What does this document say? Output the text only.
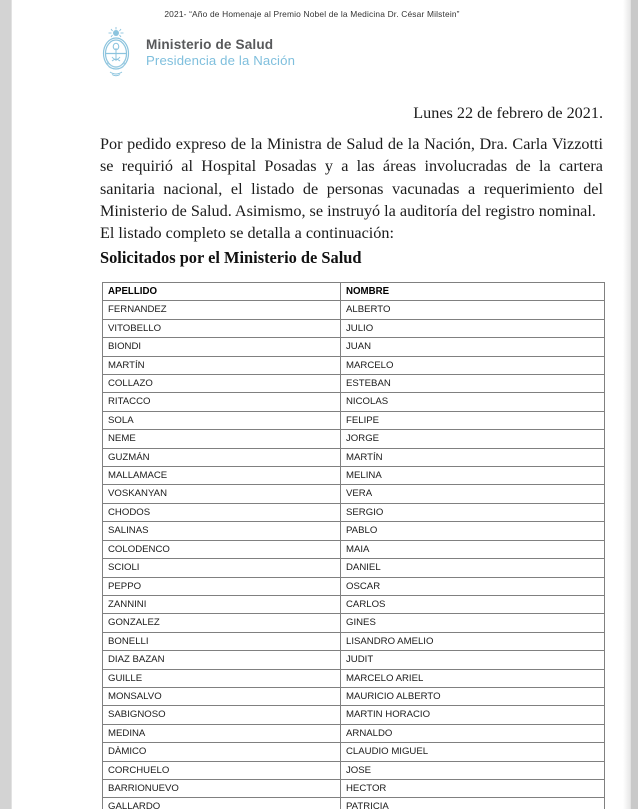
2021- “Año de Homenaje al Premio Nobel de la Medicina Dr. César Milstein”
Ministerio de Salud
Presidencia de la Nación
Lunes 22 de febrero de 2021.
Por pedido expreso de la Ministra de Salud de la Nación, Dra. Carla Vizzotti se requirió al Hospital Posadas y a las áreas involucradas de la cartera sanitaria nacional, el listado de personas vacunadas a requerimiento del Ministerio de Salud. Asimismo, se instruyó la auditoría del registro nominal.
El listado completo se detalla a continuación:
Solicitados por el Ministerio de Salud
APELLIDO	NOMBRE
FERNANDEZ	ALBERTO
VITOBELLO	JULIO
BIONDI	JUAN
MARTÍN	MARCELO
COLLAZO	ESTEBAN
RITACCO	NICOLAS
SOLA	FELIPE
NEME	JORGE
GUZMÁN	MARTÍN
MALLAMACE	MELINA
VOSKANYAN	VERA
CHODOS	SERGIO
SALINAS	PABLO
COLODENCO	MAIA
SCIOLI	DANIEL
PEPPO	OSCAR
ZANNINI	CARLOS
GONZALEZ	GINES
BONELLI	LISANDRO AMELIO
DIAZ BAZAN	JUDIT
GUILLE	MARCELO ARIEL
MONSALVO	MAURICIO ALBERTO
SABIGNOSO	MARTIN HORACIO
MEDINA	ARNALDO
DÀMICO	CLAUDIO MIGUEL
CORCHUELO	JOSE
BARRIONUEVO	HECTOR
GALLARDO	PATRICIA
